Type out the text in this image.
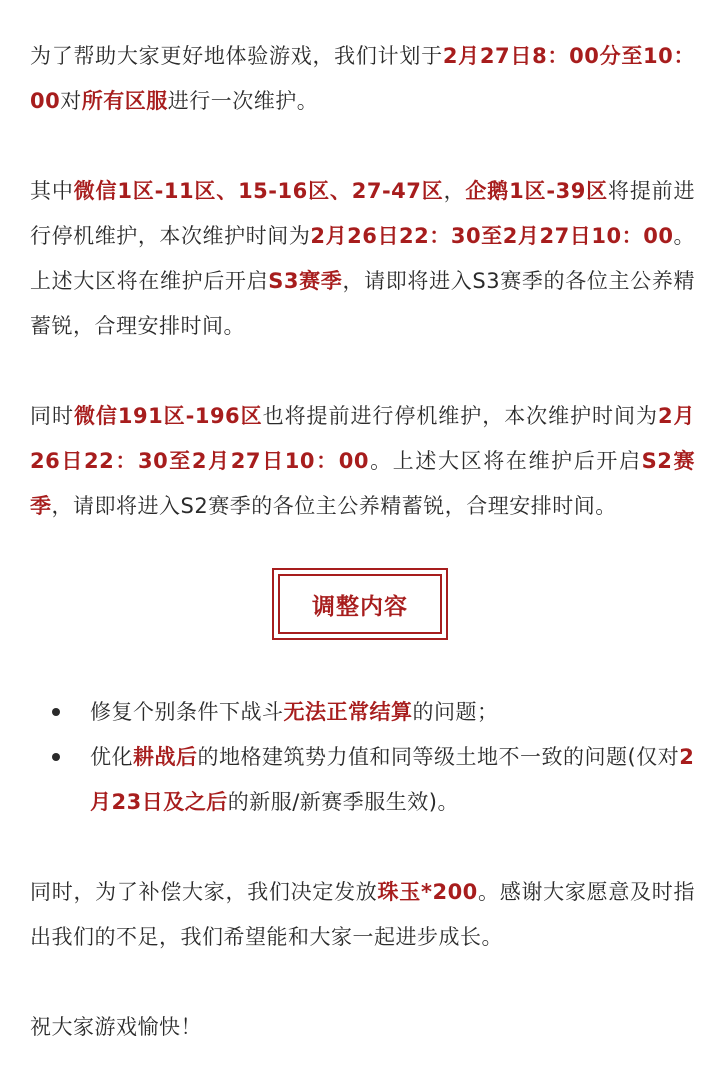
为了帮助大家更好地体验游戏，我们计划于2月27日8：00分至10：00对所有区服进行一次维护。

其中微信1区-11区、15-16区、27-47区，企鹅1区-39区将提前进行停机维护，本次维护时间为2月26日22：30至2月27日10：00。上述大区将在维护后开启S3赛季，请即将进入S3赛季的各位主公养精蓄锐，合理安排时间。

同时微信191区-196区也将提前进行停机维护，本次维护时间为2月26日22：30至2月27日10：00。上述大区将在维护后开启S2赛季，请即将进入S2赛季的各位主公养精蓄锐，合理安排时间。

调整内容
修复个别条件下战斗无法正常结算的问题；
优化耕战后的地格建筑势力值和同等级土地不一致的问题(仅对2月23日及之后的新服/新赛季服生效)。

同时，为了补偿大家，我们决定发放珠玉*200。感谢大家愿意及时指出我们的不足，我们希望能和大家一起进步成长。

祝大家游戏愉快！
